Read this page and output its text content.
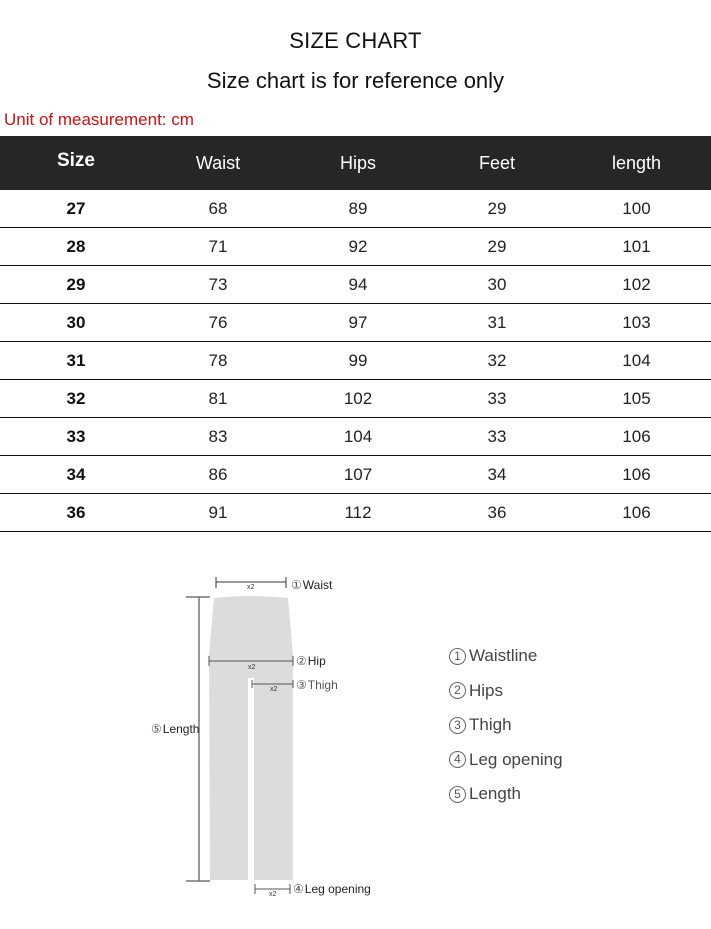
SIZE CHART
Size chart is for reference only
Unit of measurement: cm
Size	Waist	Hips	Feet	length
27	68	89	29	100
28	71	92	29	101
29	73	94	30	102
30	76	97	31	103
31	78	99	32	104
32	81	102	33	105
33	83	104	33	106
34	86	107	34	106
36	91	112	36	106
x2
x2
x2
x2
①Waist
②Hip
③Thigh
⑤Length
④Leg opening
1 Waistline
2 Hips
3 Thigh
4 Leg opening
5 Length
